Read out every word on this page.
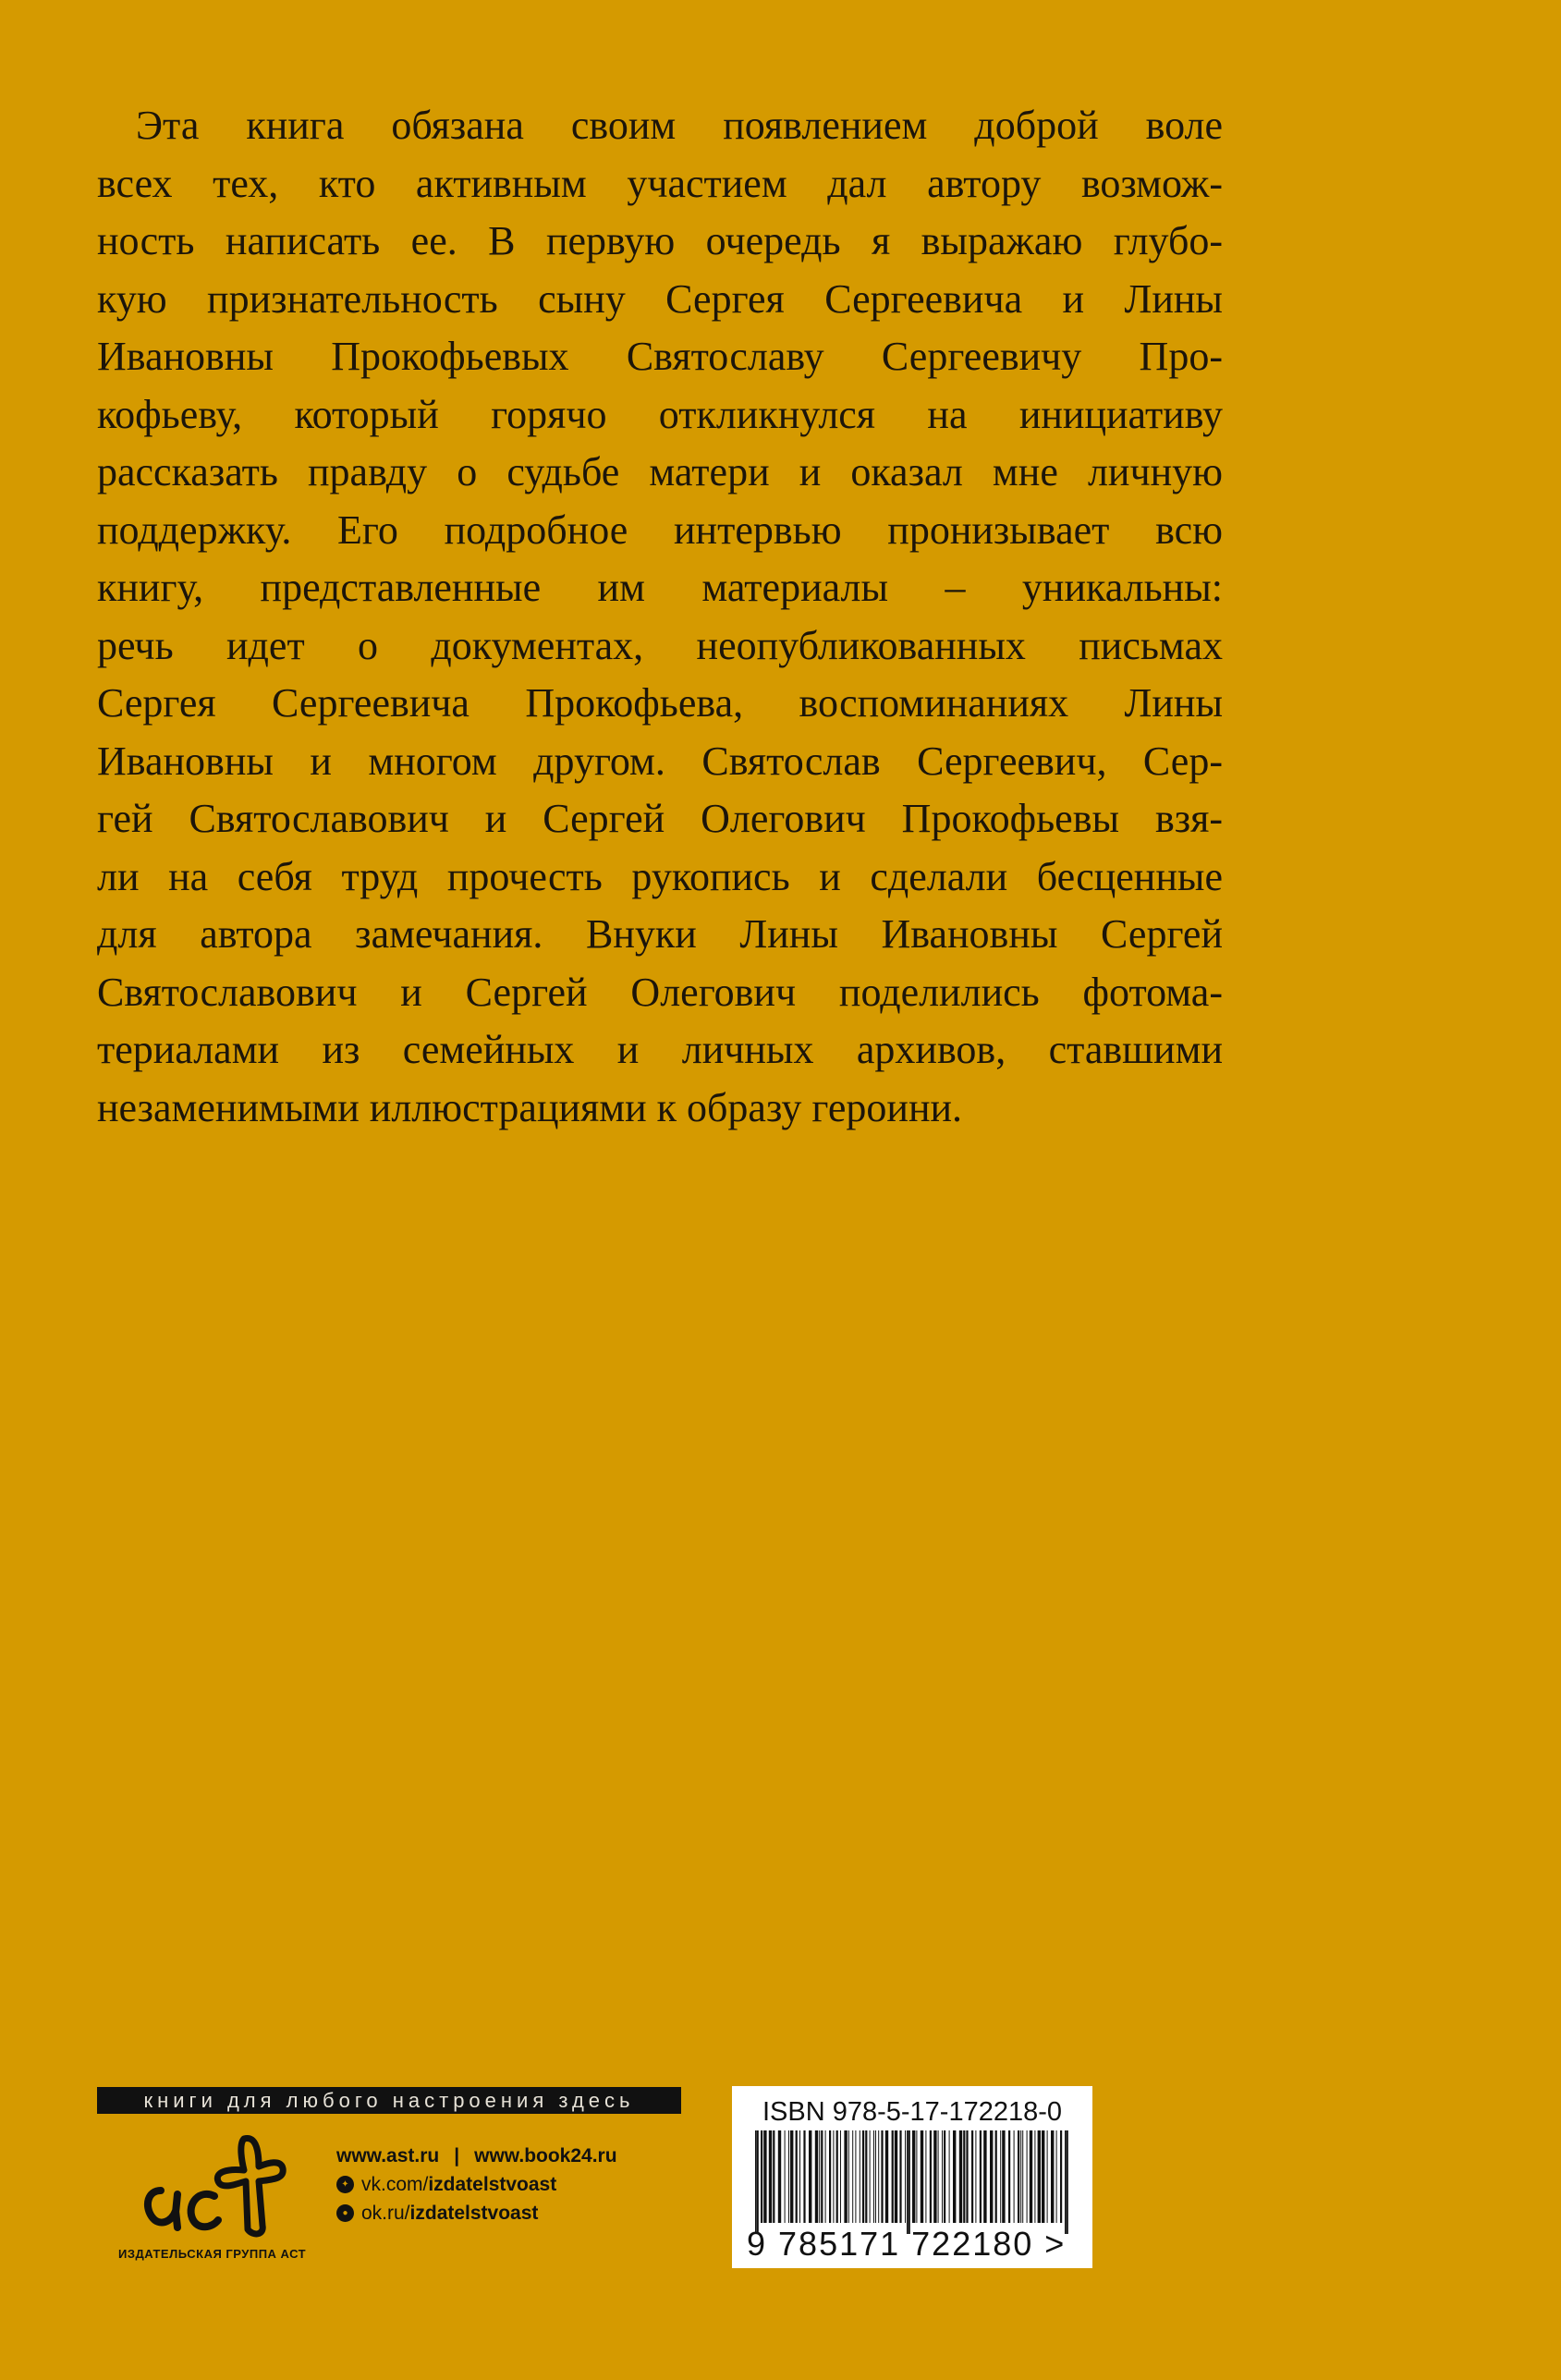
Эта книга обязана своим появлением доброй воле
всех тех, кто активным участием дал автору возмож-
ность написать ее. В первую очередь я выражаю глубо-
кую признательность сыну Сергея Сергеевича и Лины
Ивановны Прокофьевых Святославу Сергеевичу Про-
кофьеву, который горячо откликнулся на инициативу
рассказать правду о судьбе матери и оказал мне личную
поддержку. Его подробное интервью пронизывает всю
книгу, представленные им материалы – уникальны:
речь идет о документах, неопубликованных письмах
Сергея Сергеевича Прокофьева, воспоминаниях Лины
Ивановны и многом другом. Святослав Сергеевич, Сер-
гей Святославович и Сергей Олегович Прокофьевы взя-
ли на себя труд прочесть рукопись и сделали бесценные
для автора замечания. Внуки Лины Ивановны Сергей
Святославович и Сергей Олегович поделились фотома-
териалами из семейных и личных архивов, ставшими
незаменимыми иллюстрациями к образу героини.
книги для любого настроения здесь
ИЗДАТЕЛЬСКАЯ ГРУППА АСТ
www.ast.ru | www.book24.ru
✦ vk.com/izdatelstvoast
● ok.ru/izdatelstvoast
ISBN 978-5-17-172218-0
9 785171 722180 >
